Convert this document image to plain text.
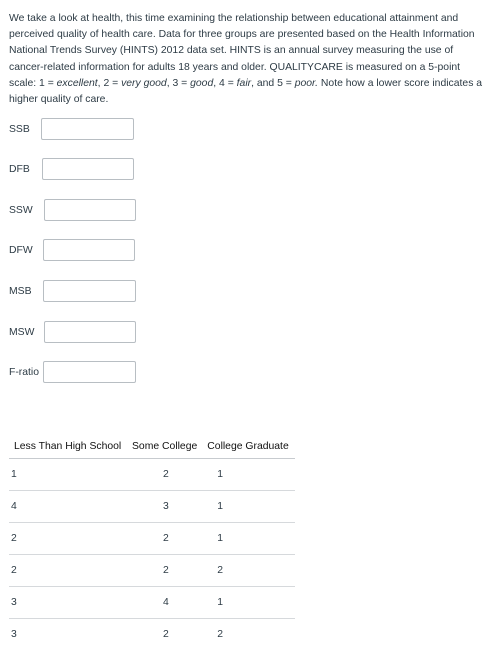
We take a look at health, this time examining the relationship between educational attainment and perceived quality of health care. Data for three groups are presented based on the Health Information National Trends Survey (HINTS) 2012 data set. HINTS is an annual survey measuring the use of cancer-related information for adults 18 years and older. QUALITYCARE is measured on a 5-point scale: 1 = excellent, 2 = very good, 3 = good, 4 = fair, and 5 = poor. Note how a lower score indicates a higher quality of care.
SSB
DFB
SSW
DFW
MSB
MSW
F-ratio
Less Than High School	Some College	College Graduate
1	2	1
4	3	1
2	2	1
2	2	2
3	4	1
3	2	2
